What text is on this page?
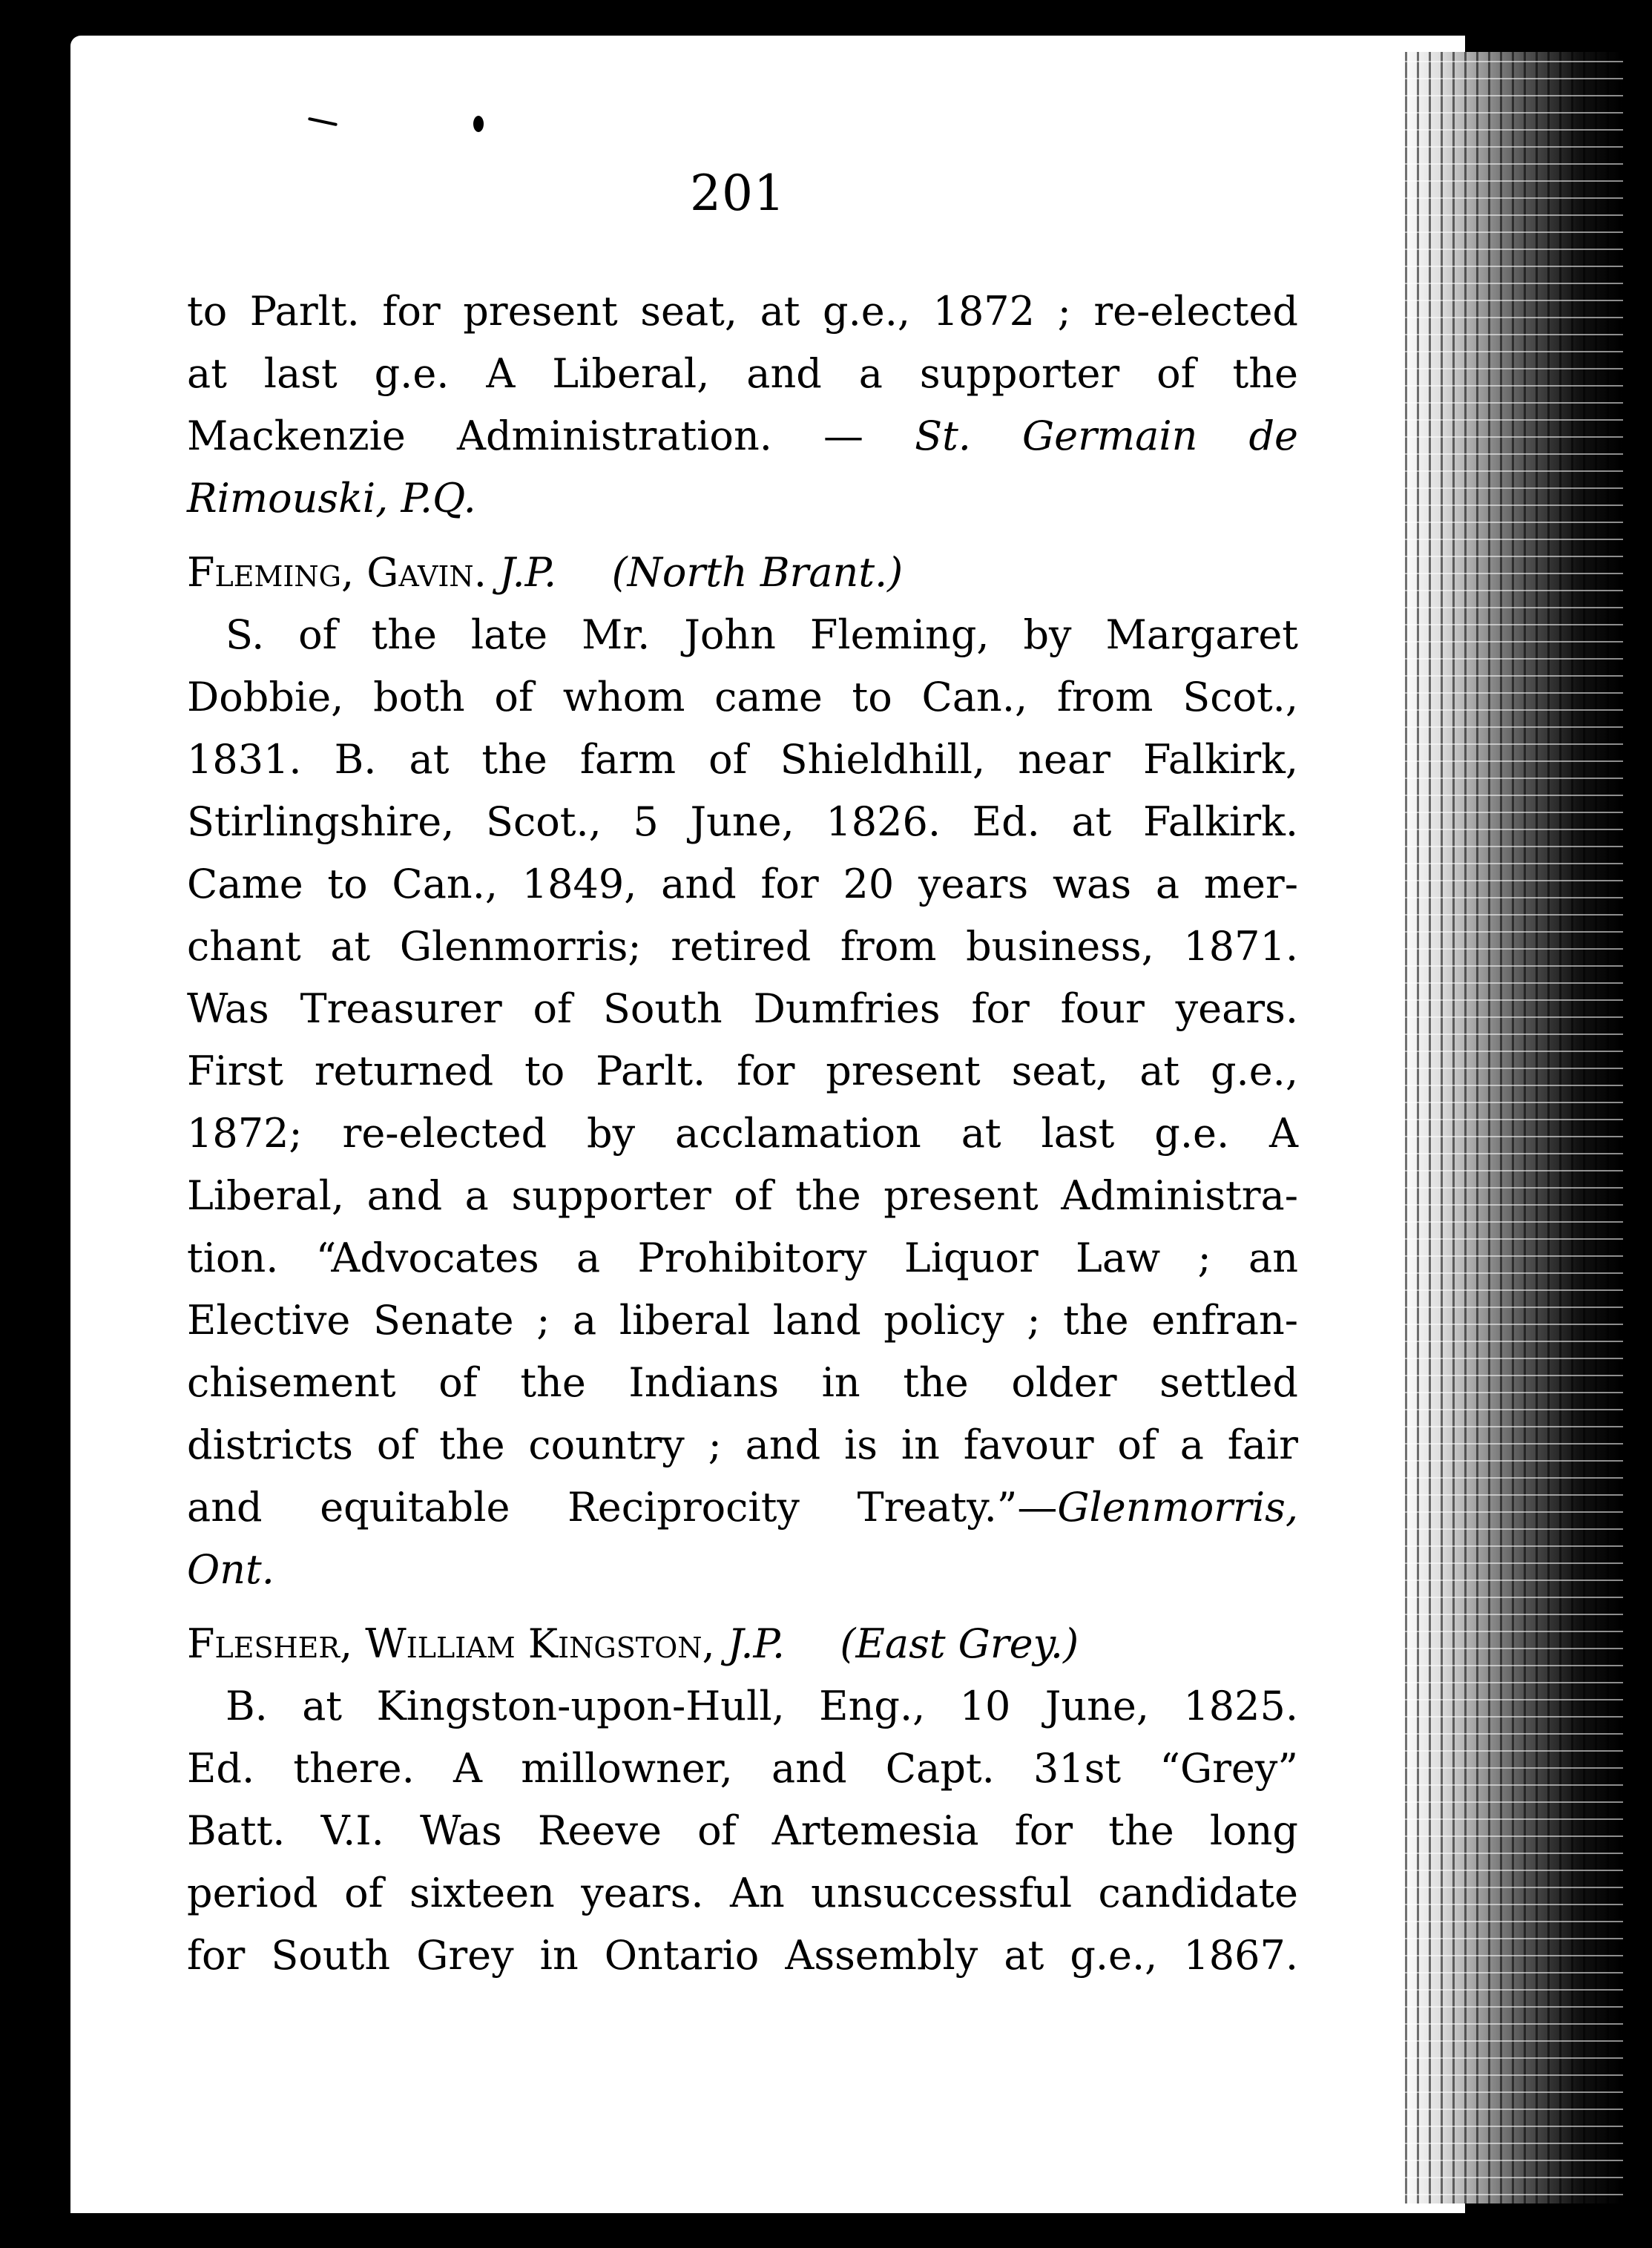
201
to Parlt. for present seat, at g.e., 1872 ; re-elected
at last g.e. A Liberal, and a supporter of the
Mackenzie Administration. — St. Germain de
Rimouski, P.Q.
Fleming, Gavin. J.P. (North Brant.)
S. of the late Mr. John Fleming, by Margaret
Dobbie, both of whom came to Can., from Scot.,
1831. B. at the farm of Shieldhill, near Falkirk,
Stirlingshire, Scot., 5 June, 1826. Ed. at Falkirk.
Came to Can., 1849, and for 20 years was a mer-
chant at Glenmorris; retired from business, 1871.
Was Treasurer of South Dumfries for four years.
First returned to Parlt. for present seat, at g.e.,
1872; re-elected by acclamation at last g.e. A
Liberal, and a supporter of the present Administra-
tion. “Advocates a Prohibitory Liquor Law ; an
Elective Senate ; a liberal land policy ; the enfran-
chisement of the Indians in the older settled
districts of the country ; and is in favour of a fair
and equitable Reciprocity Treaty.”—Glenmorris,
Ont.
Flesher, William Kingston, J.P. (East Grey.)
B. at Kingston-upon-Hull, Eng., 10 June, 1825.
Ed. there. A millowner, and Capt. 31st “Grey”
Batt. V.I. Was Reeve of Artemesia for the long
period of sixteen years. An unsuccessful candidate
for South Grey in Ontario Assembly at g.e., 1867.
